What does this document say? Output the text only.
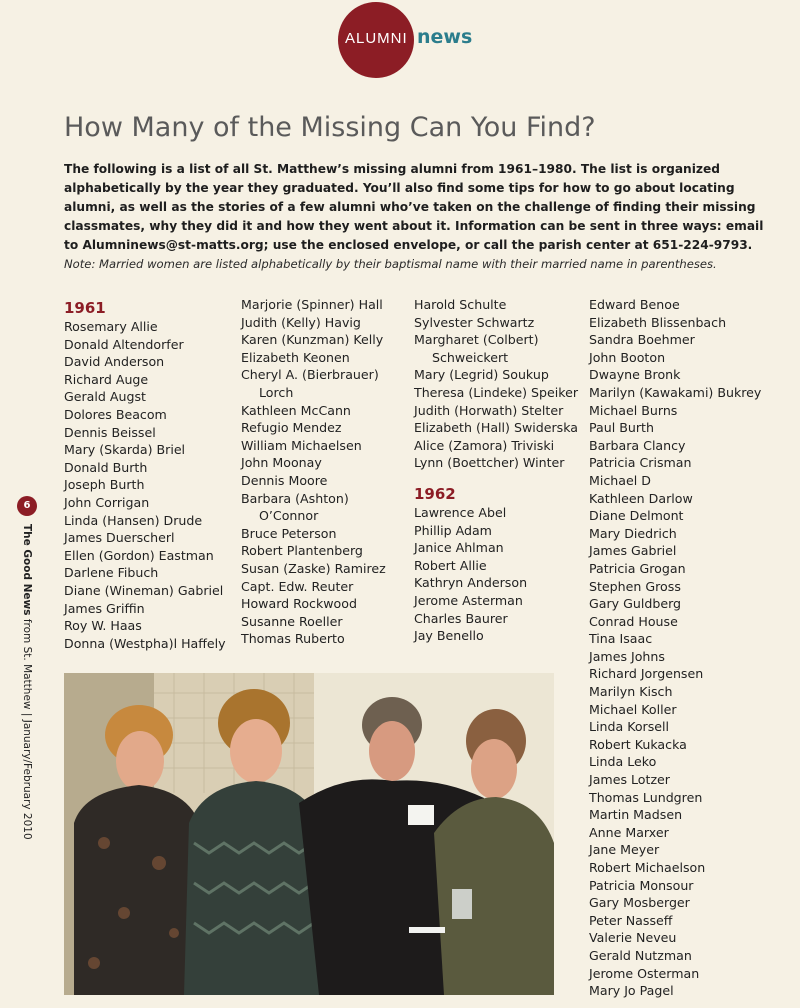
ALUMNI news
How Many of the Missing Can You Find?

The following is a list of all St. Matthew’s missing alumni from 1961–1980. The list is organized alphabetically by the year they graduated. You’ll also find some tips for how to go about locating alumni, as well as the stories of a few alumni who’ve taken on the challenge of finding their missing classmates, why they did it and how they went about it. Information can be sent in three ways: email to Alumninews@st-matts.org; use the enclosed envelope, or call the parish center at 651-224-9793.

Note: Married women are listed alphabetically by their baptismal name with their married name in parentheses.

1961
Rosemary Allie
Donald Altendorfer
David Anderson
Richard Auge
Gerald Augst
Dolores Beacom
Dennis Beissel
Mary (Skarda) Briel
Donald Burth
Joseph Burth
John Corrigan
Linda (Hansen) Drude
James Duerscherl
Ellen (Gordon) Eastman
Darlene Fibuch
Diane (Wineman) Gabriel
James Griffin
Roy W. Haas
Donna (Westpha)l Haffely
Marjorie (Spinner) Hall
Judith (Kelly) Havig
Karen (Kunzman) Kelly
Elizabeth Keonen
Cheryl A. (Bierbrauer)
Lorch
Kathleen McCann
Refugio Mendez
William Michaelsen
John Moonay
Dennis Moore
Barbara (Ashton)
O’Connor
Bruce Peterson
Robert Plantenberg
Susan (Zaske) Ramirez
Capt. Edw. Reuter
Howard Rockwood
Susanne Roeller
Thomas Ruberto
Harold Schulte
Sylvester Schwartz
Margharet (Colbert)
Schweickert
Mary (Legrid) Soukup
Theresa (Lindeke) Speiker
Judith (Horwath) Stelter
Elizabeth (Hall) Swiderska
Alice (Zamora) Triviski
Lynn (Boettcher) Winter
1962
Lawrence Abel
Phillip Adam
Janice Ahlman
Robert Allie
Kathryn Anderson
Jerome Asterman
Charles Baurer
Jay Benello
Edward Benoe
Elizabeth Blissenbach
Sandra Boehmer
John Booton
Dwayne Bronk
Marilyn (Kawakami) Bukrey
Michael Burns
Paul Burth
Barbara Clancy
Patricia Crisman
Michael D
Kathleen Darlow
Diane Delmont
Mary Diedrich
James Gabriel
Patricia Grogan
Stephen Gross
Gary Guldberg
Conrad House
Tina Isaac
James Johns
Richard Jorgensen
Marilyn Kisch
Michael Koller
Linda Korsell
Robert Kukacka
Linda Leko
James Lotzer
Thomas Lundgren
Martin Madsen
Anne Marxer
Jane Meyer
Robert Michaelson
Patricia Monsour
Gary Mosberger
Peter Nasseff
Valerie Neveu
Gerald Nutzman
Jerome Osterman
Mary Jo Pagel
6
The Good News from St. Matthew | January/February 2010
